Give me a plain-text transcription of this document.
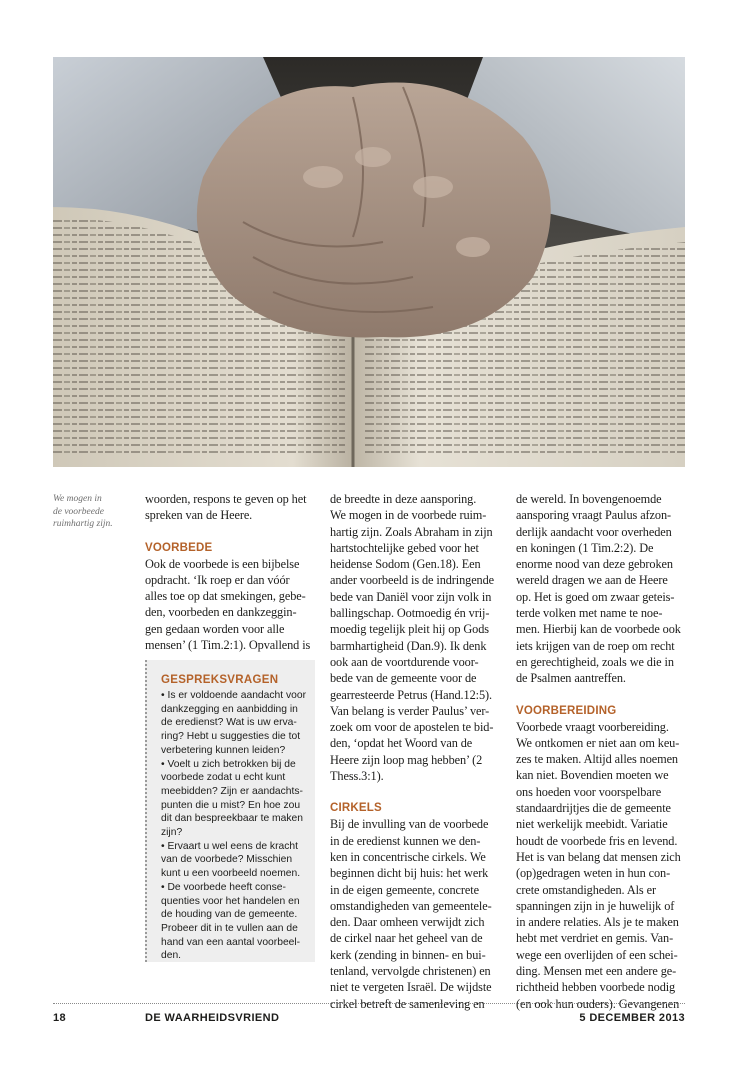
We mogen in
de voorbeede
ruimhartig zijn.

woorden, respons te geven op het
spreken van de Heere.

VOORBEDE

Ook de voorbede is een bijbelse
opdracht. ‘Ik roep er dan vóór
alles toe op dat smekingen, gebe-
den, voorbeden en dankzeggin-
gen gedaan worden voor alle
mensen’ (1 Tim.2:1). Opvallend is

GESPREKSVRAGEN

• Is er voldoende aandacht voor
dankzegging en aanbidding in
de eredienst? Wat is uw erva-
ring? Hebt u suggesties die tot
verbetering kunnen leiden?

• Voelt u zich betrokken bij de
voorbede zodat u echt kunt
meebidden? Zijn er aandachts-
punten die u mist? En hoe zou
dit dan bespreekbaar te maken
zijn?

• Ervaart u wel eens de kracht
van de voorbede? Misschien
kunt u een voorbeeld noemen.

• De voorbede heeft conse-
quenties voor het handelen en
de houding van de gemeente.
Probeer dit in te vullen aan de
hand van een aantal voorbeel-
den.

de breedte in deze aansporing.
We mogen in de voorbede ruim-
hartig zijn. Zoals Abraham in zijn
hartstochtelijke gebed voor het
heidense Sodom (Gen.18). Een
ander voorbeeld is de indringende
bede van Daniël voor zijn volk in
ballingschap. Ootmoedig én vrij-
moedig tegelijk pleit hij op Gods
barmhartigheid (Dan.9). Ik denk
ook aan de voortdurende voor-
bede van de gemeente voor de
gearresteerde Petrus (Hand.12:5).
Van belang is verder Paulus’ ver-
zoek om voor de apostelen te bid-
den, ‘opdat het Woord van de
Heere zijn loop mag hebben’ (2
Thess.3:1).

CIRKELS

Bij de invulling van de voorbede
in de eredienst kunnen we den-
ken in concentrische cirkels. We
beginnen dicht bij huis: het werk
in de eigen gemeente, concrete
omstandigheden van gemeentele-
den. Daar omheen verwijdt zich
de cirkel naar het geheel van de
kerk (zending in binnen- en bui-
tenland, vervolgde christenen) en
niet te vergeten Israël. De wijdste
cirkel betreft de samenleving en

de wereld. In bovengenoemde
aansporing vraagt Paulus afzon-
derlijk aandacht voor overheden
en koningen (1 Tim.2:2). De
enorme nood van deze gebroken
wereld dragen we aan de Heere
op. Het is goed om zwaar geteis-
terde volken met name te noe-
men. Hierbij kan de voorbede ook
iets krijgen van de roep om recht
en gerechtigheid, zoals we die in
de Psalmen aantreffen.

VOORBEREIDING

Voorbede vraagt voorbereiding.
We ontkomen er niet aan om keu-
zes te maken. Altijd alles noemen
kan niet. Bovendien moeten we
ons hoeden voor voorspelbare
standaardrijtjes die de gemeente
niet werkelijk meebidt. Variatie
houdt de voorbede fris en levend.
Het is van belang dat mensen zich
(op)gedragen weten in hun con-
crete omstandigheden. Als er
spanningen zijn in je huwelijk of
in andere relaties. Als je te maken
hebt met verdriet en gemis. Van-
wege een overlijden of een schei-
ding. Mensen met een andere ge-
richtheid hebben voorbede nodig
(en ook hun ouders). Gevangenen

18	DE WAARHEIDSVRIEND	5 DECEMBER 2013
